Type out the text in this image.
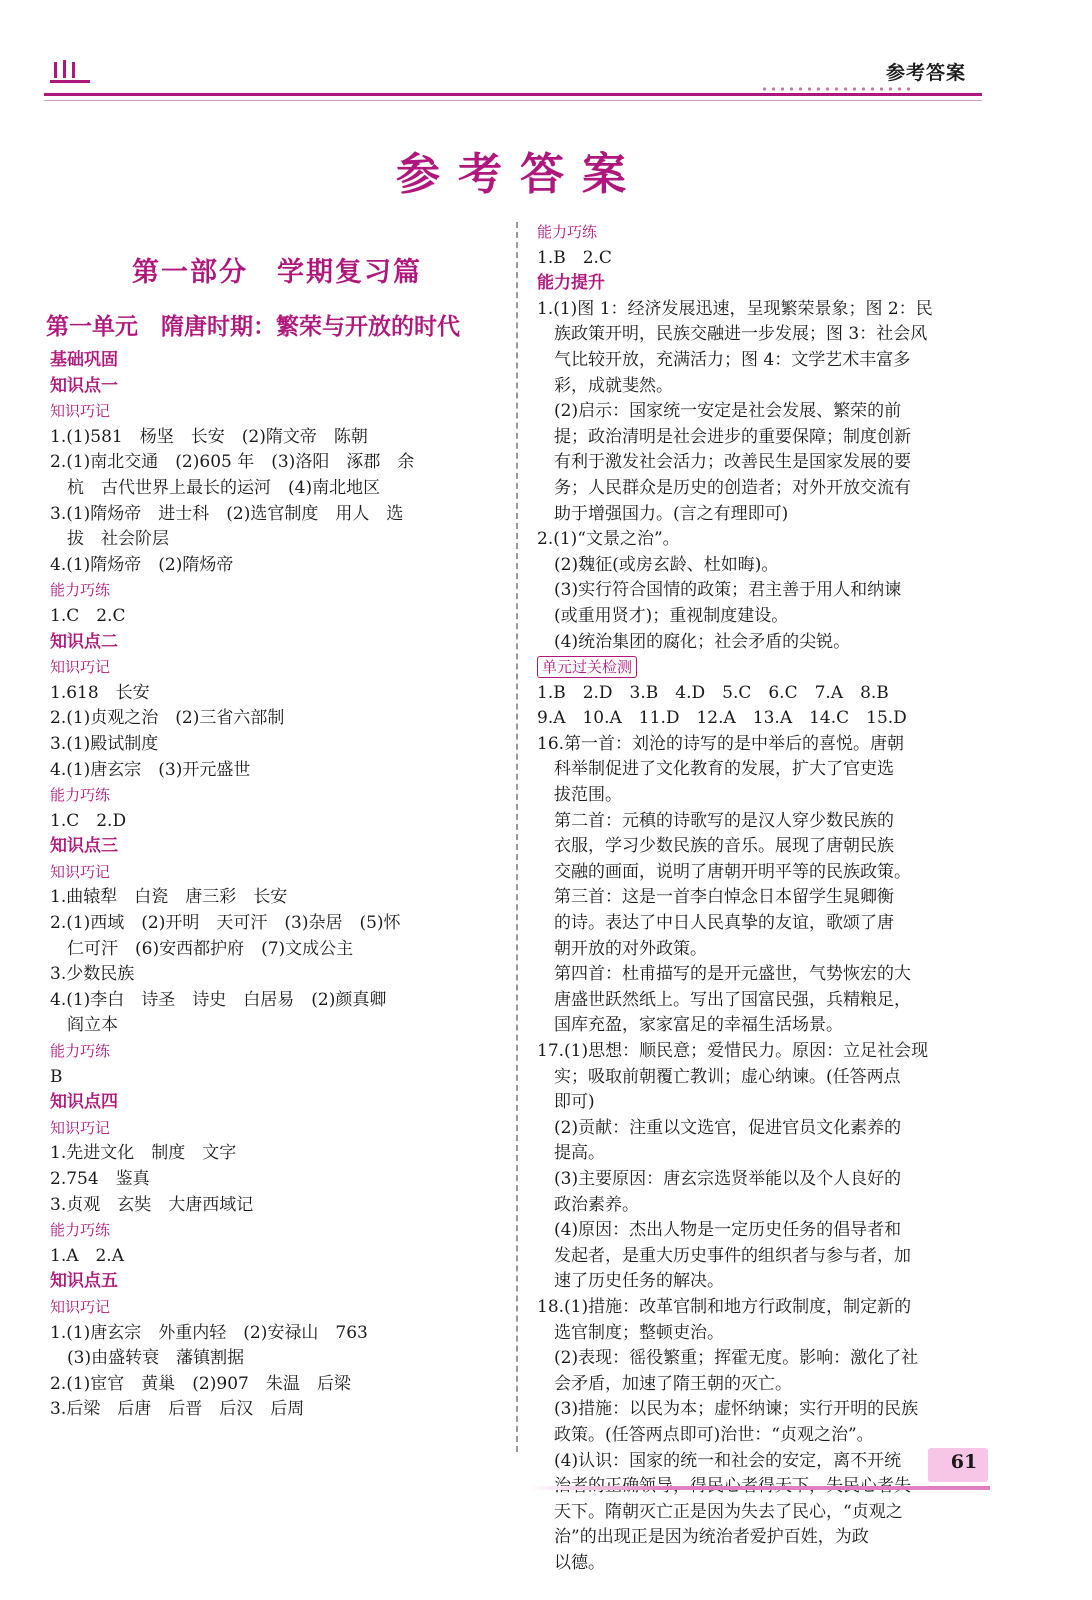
参考答案
参考答案
第一部分　学期复习篇
第一单元　隋唐时期：繁荣与开放的时代
基础巩固
知识点一
知识巧记
1.(1)581　杨坚　长安　(2)隋文帝　陈朝
2.(1)南北交通　(2)605 年　(3)洛阳　涿郡　余
　杭　古代世界上最长的运河　(4)南北地区
3.(1)隋炀帝　进士科　(2)选官制度　用人　选
　拔　社会阶层
4.(1)隋炀帝　(2)隋炀帝
能力巧练
1.C　2.C
知识点二
知识巧记
1.618　长安
2.(1)贞观之治　(2)三省六部制
3.(1)殿试制度
4.(1)唐玄宗　(3)开元盛世
能力巧练
1.C　2.D
知识点三
知识巧记
1.曲辕犁　白瓷　唐三彩　长安
2.(1)西域　(2)开明　天可汗　(3)杂居　(5)怀
　仁可汗　(6)安西都护府　(7)文成公主
3.少数民族
4.(1)李白　诗圣　诗史　白居易　(2)颜真卿
　阎立本
能力巧练
B
知识点四
知识巧记
1.先进文化　制度　文字
2.754　鉴真
3.贞观　玄奘　大唐西域记
能力巧练
1.A　2.A
知识点五
知识巧记
1.(1)唐玄宗　外重内轻　(2)安禄山　763
　(3)由盛转衰　藩镇割据
2.(1)宦官　黄巢　(2)907　朱温　后梁
3.后梁　后唐　后晋　后汉　后周
能力巧练
1.B　2.C
能力提升
1.(1)图 1：经济发展迅速，呈现繁荣景象；图 2：民
　族政策开明，民族交融进一步发展；图 3：社会风
　气比较开放，充满活力；图 4：文学艺术丰富多
　彩，成就斐然。
　(2)启示：国家统一安定是社会发展、繁荣的前
　提；政治清明是社会进步的重要保障；制度创新
　有利于激发社会活力；改善民生是国家发展的要
　务；人民群众是历史的创造者；对外开放交流有
　助于增强国力。(言之有理即可)
2.(1)“文景之治”。
　(2)魏征(或房玄龄、杜如晦)。
　(3)实行符合国情的政策；君主善于用人和纳谏
　(或重用贤才)；重视制度建设。
　(4)统治集团的腐化；社会矛盾的尖锐。
单元过关检测
1.B　2.D　3.B　4.D　5.C　6.C　7.A　8.B
9.A　10.A　11.D　12.A　13.A　14.C　15.D
16.第一首：刘沧的诗写的是中举后的喜悦。唐朝
　科举制促进了文化教育的发展，扩大了官吏选
　拔范围。
　第二首：元稹的诗歌写的是汉人穿少数民族的
　衣服，学习少数民族的音乐。展现了唐朝民族
　交融的画面，说明了唐朝开明平等的民族政策。
　第三首：这是一首李白悼念日本留学生晁卿衡
　的诗。表达了中日人民真挚的友谊，歌颂了唐
　朝开放的对外政策。
　第四首：杜甫描写的是开元盛世，气势恢宏的大
　唐盛世跃然纸上。写出了国富民强，兵精粮足，
　国库充盈，家家富足的幸福生活场景。
17.(1)思想：顺民意；爱惜民力。原因：立足社会现
　实；吸取前朝覆亡教训；虚心纳谏。(任答两点
　即可)
　(2)贡献：注重以文选官，促进官员文化素养的
　提高。
　(3)主要原因：唐玄宗选贤举能以及个人良好的
　政治素养。
　(4)原因：杰出人物是一定历史任务的倡导者和
　发起者，是重大历史事件的组织者与参与者，加
　速了历史任务的解决。
18.(1)措施：改革官制和地方行政制度，制定新的
　选官制度；整顿吏治。
　(2)表现：徭役繁重；挥霍无度。影响：激化了社
　会矛盾，加速了隋王朝的灭亡。
　(3)措施：以民为本；虚怀纳谏；实行开明的民族
　政策。(任答两点即可)治世：“贞观之治”。
　(4)认识：国家的统一和社会的安定，离不开统
　天下。隋朝灭亡正是因为失去了民心，“贞观之
　治”的出现正是因为统治者爱护百姓，为政
　以德。
61
